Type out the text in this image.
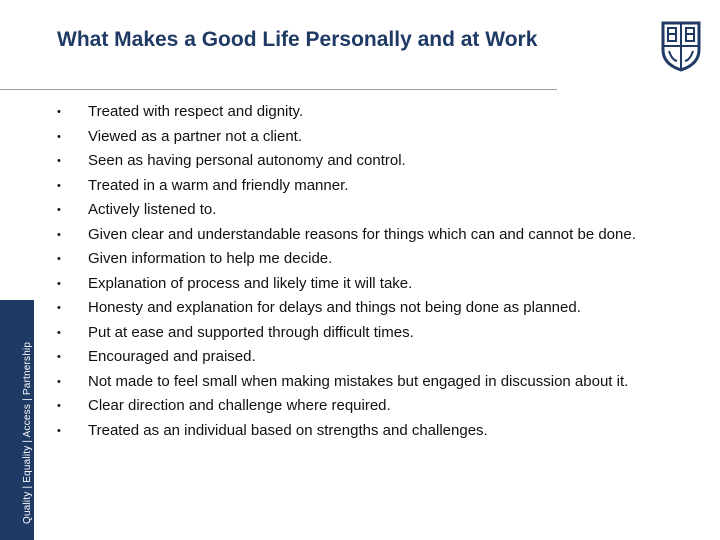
What Makes a Good Life Personally and at Work
Quality | Equality | Access | Partnership
•	Treated with respect and dignity.
•	Viewed as a partner not a client.
•	Seen as having personal autonomy and control.
•	Treated in a warm and friendly manner.
•	Actively listened to.
•	Given clear and understandable reasons for things which can and cannot be done.
•	Given information to help me decide.
•	Explanation of process and likely time it will take.
•	Honesty and explanation for delays and things not being done as planned.
•	Put at ease and supported through difficult times.
•	Encouraged and praised.
•	Not made to feel small when making mistakes but engaged in discussion about it.
•	Clear direction and challenge where required.
•	Treated as an individual based on strengths and challenges.
